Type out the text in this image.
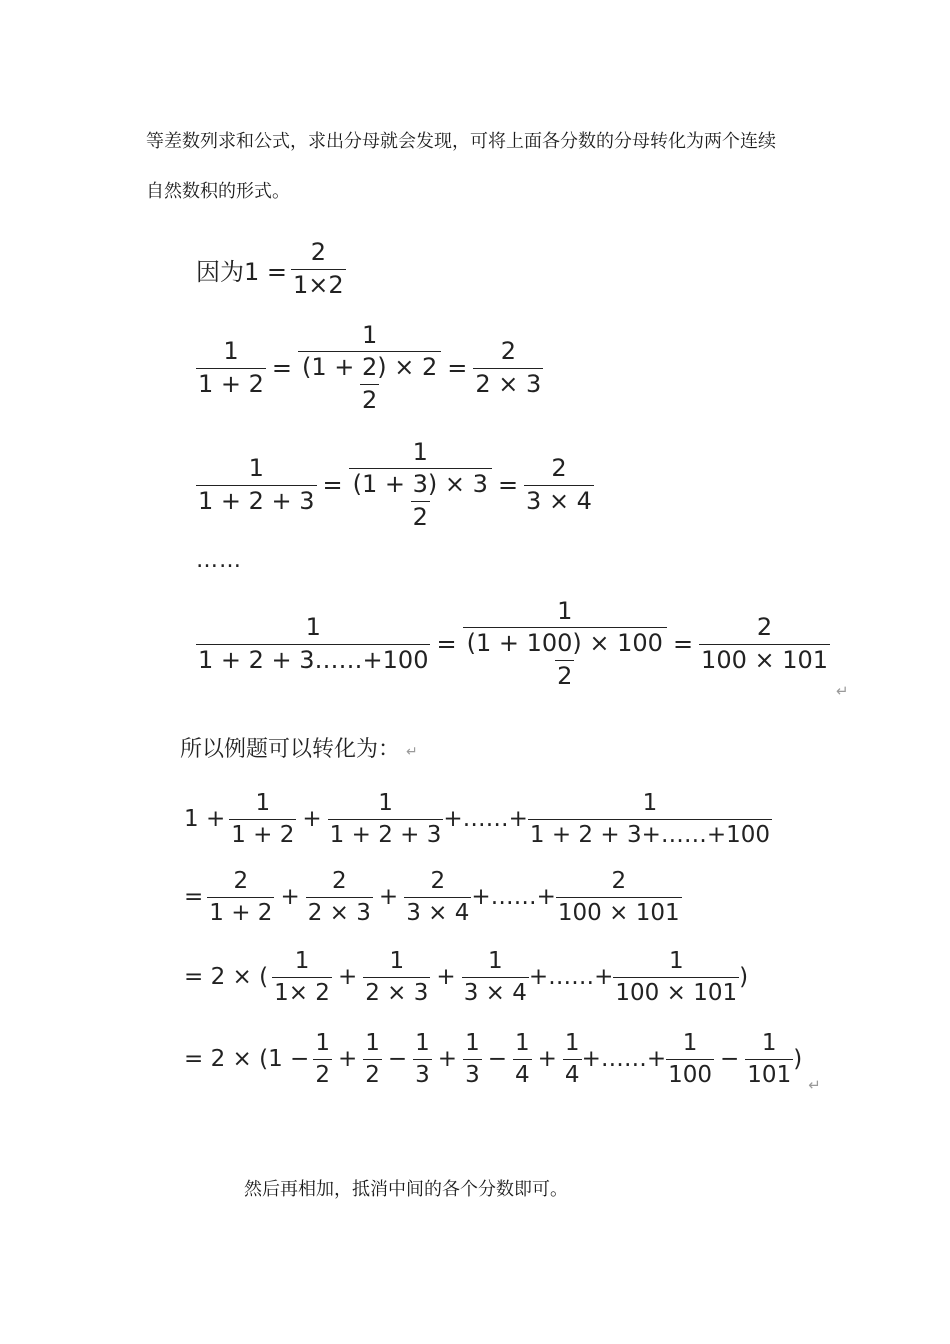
等差数列求和公式，求出分母就会发现，可将上面各分数的分母转化为两个连续
自然数积的形式。
因为$1 = \frac{2}{1\times 2}$
$\frac{1}{1 + 2} = \frac{1}{\frac{(1 + 2) \times 2}{2}} = \frac{2}{2 \times 3}$
$\frac{1}{1 + 2 + 3} = \frac{1}{\frac{(1 + 3) \times 3}{2}} = \frac{2}{3 \times 4}$
……
$\frac{1}{1 + 2 + 3\dots\dots+100} = \frac{1}{\frac{(1 + 100) \times 100}{2}} = \frac{2}{100 \times 101}$
↵
所以例题可以转化为： ↵
$1 + \frac{1}{1 + 2} + \frac{1}{1 + 2 + 3}$ +……+ $\frac{1}{1 + 2 + 3+\dots\dots+100}$
= $\frac{2}{1 + 2} + \frac{2}{2 \times 3} + \frac{2}{3 \times 4}$ +……+ $\frac{2}{100 \times 101}$
= 2 × ( $\frac{1}{1\times 2} + \frac{1}{2 \times 3} + \frac{1}{3 \times 4}$ +……+ $\frac{1}{100 \times 101}$ )
= $2 \times (1 - \frac{1}{2} + \frac{1}{2} - \frac{1}{3} + \frac{1}{3} - \frac{1}{4} + \frac{1}{4}$ +……+ $\frac{1}{100} - \frac{1}{101}$ )
↵
然后再相加，抵消中间的各个分数即可。
